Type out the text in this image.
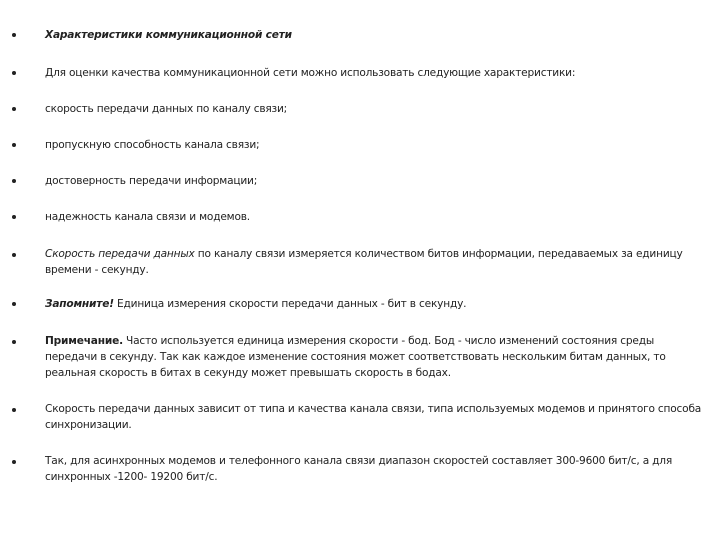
Характеристики коммуникационной сети
Для оценки качества коммуникационной сети можно использовать следующие характеристики:
скорость передачи данных по каналу связи;
пропускную способность канала связи;
достоверность передачи информации;
надежность канала связи и модемов.
Скорость передачи данных по каналу связи измеряется количеством битов информации, передаваемых за единицу
времени - секунду.
Запомните! Единица измерения скорости передачи данных - бит в секунду.
Примечание. Часто используется единица измерения скорости - бод. Бод - число изменений состояния среды
передачи в секунду. Так как каждое изменение состояния может соответствовать нескольким битам данных, то
реальная скорость в битах в секунду может превышать скорость в бодах.
Скорость передачи данных зависит от типа и качества канала связи, типа используемых модемов и принятого способа
синхронизации.
Так, для асинхронных модемов и телефонного канала связи диапазон скоростей составляет 300-9600 бит/с, а для
синхронных -1200- 19200 бит/с.
